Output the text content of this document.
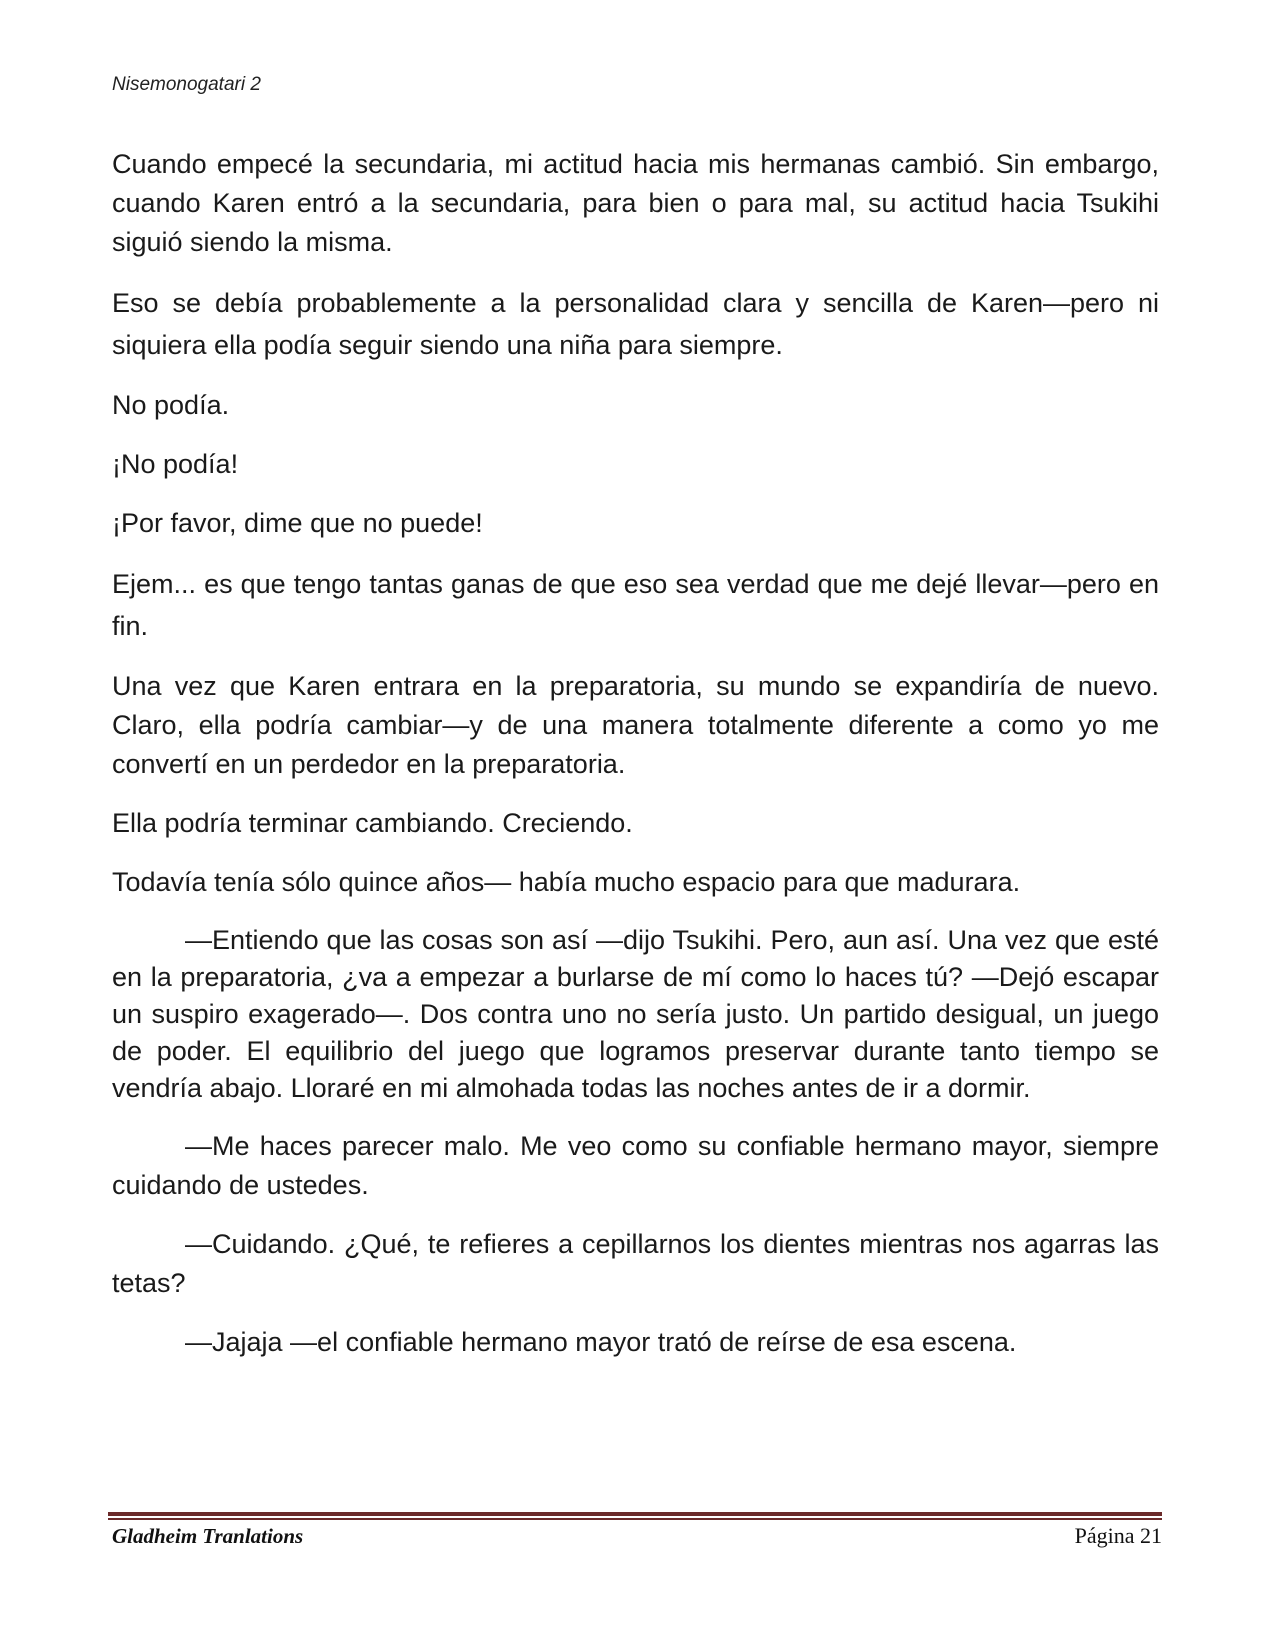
Nisemonogatari 2

Cuando empecé la secundaria, mi actitud hacia mis hermanas cambió. Sin embargo, cuando Karen entró a la secundaria, para bien o para mal, su actitud hacia Tsukihi siguió siendo la misma.

Eso se debía probablemente a la personalidad clara y sencilla de Karen—pero ni siquiera ella podía seguir siendo una niña para siempre.

No podía.

¡No podía!

¡Por favor, dime que no puede!

Ejem... es que tengo tantas ganas de que eso sea verdad que me dejé llevar—pero en fin.

Una vez que Karen entrara en la preparatoria, su mundo se expandiría de nuevo. Claro, ella podría cambiar—y de una manera totalmente diferente a como yo me convertí en un perdedor en la preparatoria.

Ella podría terminar cambiando. Creciendo.

Todavía tenía sólo quince años— había mucho espacio para que madurara.

—Entiendo que las cosas son así —dijo Tsukihi. Pero, aun así. Una vez que esté en la preparatoria, ¿va a empezar a burlarse de mí como lo haces tú? —Dejó escapar un suspiro exagerado—. Dos contra uno no sería justo. Un partido desigual, un juego de poder. El equilibrio del juego que logramos preservar durante tanto tiempo se vendría abajo. Lloraré en mi almohada todas las noches antes de ir a dormir.

—Me haces parecer malo. Me veo como su confiable hermano mayor, siempre cuidando de ustedes.

—Cuidando. ¿Qué, te refieres a cepillarnos los dientes mientras nos agarras las tetas?

—Jajaja —el confiable hermano mayor trató de reírse de esa escena.

Gladheim Tranlations	Página 21
